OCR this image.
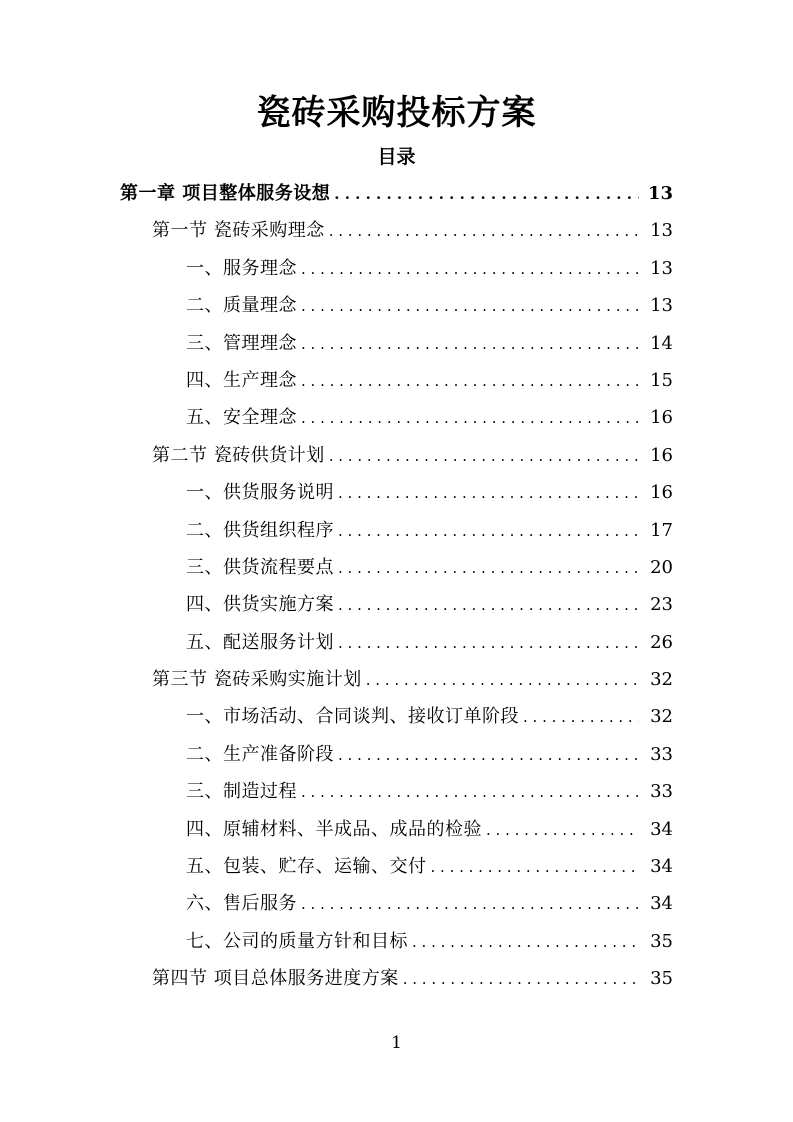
瓷砖采购投标方案
目录
第一章 项目整体服务设想 . . .	13
第一节 瓷砖采购理念 . . .	13
一、服务理念 . . .	13
二、质量理念 . . .	13
三、管理理念 . . .	14
四、生产理念 . . .	15
五、安全理念 . . .	16
第二节 瓷砖供货计划 . . .	16
一、供货服务说明 . . .	16
二、供货组织程序 . . .	17
三、供货流程要点 . . .	20
四、供货实施方案 . . .	23
五、配送服务计划 . . .	26
第三节 瓷砖采购实施计划 . . .	32
一、市场活动、合同谈判、接收订单阶段 . . .	32
二、生产准备阶段 . . .	33
三、制造过程 . . .	33
四、原辅材料、半成品、成品的检验 . . .	34
五、包装、贮存、运输、交付 . . .	34
六、售后服务 . . .	34
七、公司的质量方针和目标 . . .	35
第四节 项目总体服务进度方案 . . .	35
1
